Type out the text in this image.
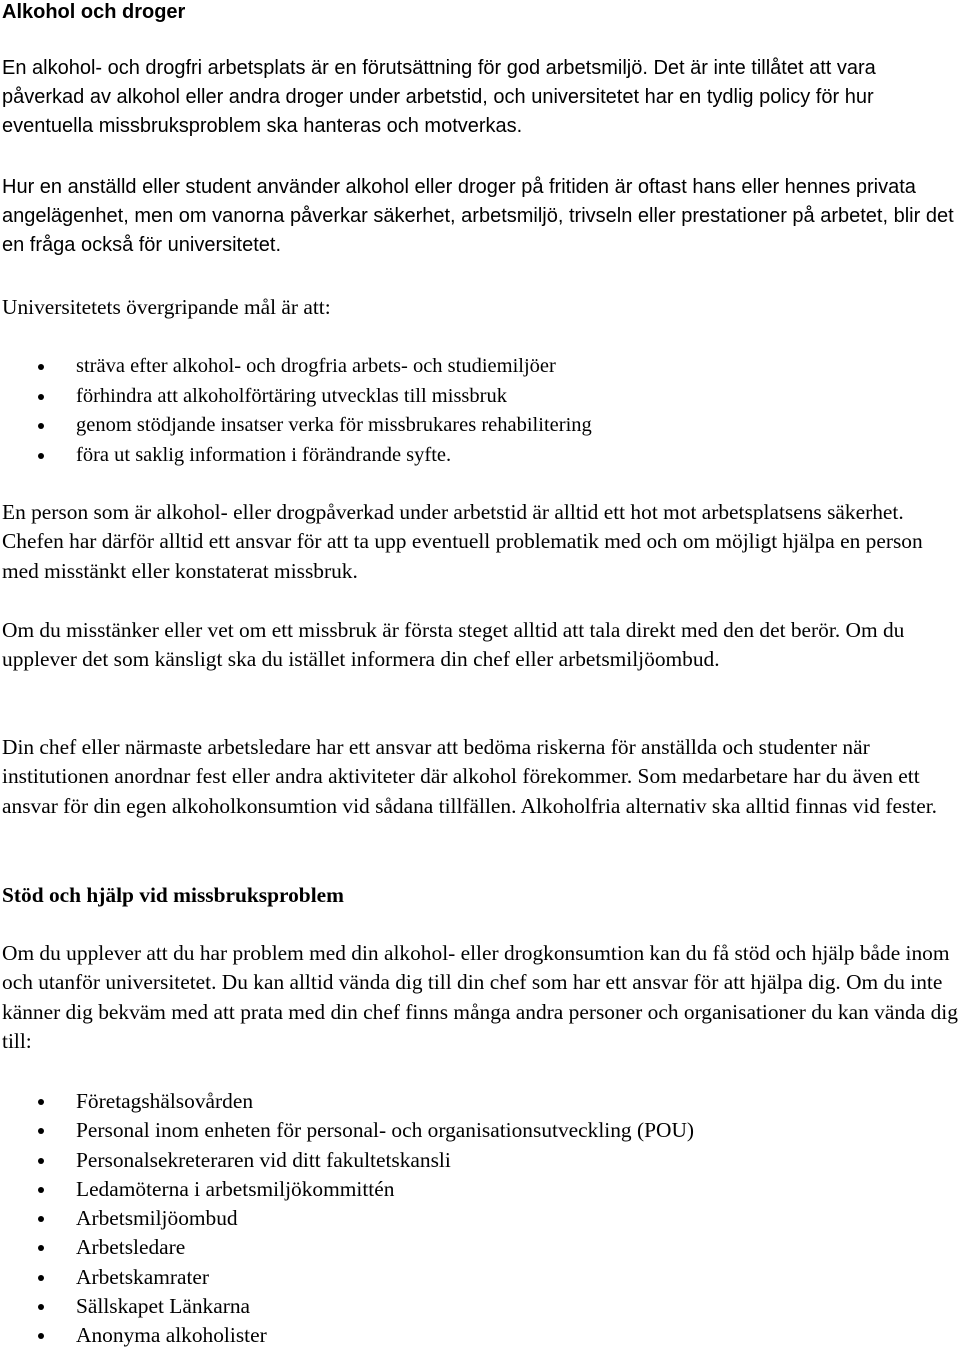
Alkohol och droger

En alkohol- och drogfri arbetsplats är en förutsättning för god arbetsmiljö. Det är inte tillåtet att vara påverkad av alkohol eller andra droger under arbetstid, och universitetet har en tydlig policy för hur eventuella missbruksproblem ska hanteras och motverkas.

Hur en anställd eller student använder alkohol eller droger på fritiden är oftast hans eller hennes privata angelägenhet, men om vanorna påverkar säkerhet, arbetsmiljö, trivseln eller prestationer på arbetet, blir det en fråga också för universitetet.

Universitetets övergripande mål är att:

sträva efter alkohol- och drogfria arbets- och studiemiljöer
förhindra att alkoholförtäring utvecklas till missbruk
genom stödjande insatser verka för missbrukares rehabilitering
föra ut saklig information i förändrande syfte.

En person som är alkohol- eller drogpåverkad under arbetstid är alltid ett hot mot arbetsplatsens säkerhet. Chefen har därför alltid ett ansvar för att ta upp eventuell problematik med och om möjligt hjälpa en person med misstänkt eller konstaterat missbruk.

Om du misstänker eller vet om ett missbruk är första steget alltid att tala direkt med den det berör. Om du upplever det som känsligt ska du istället informera din chef eller arbetsmiljöombud.

Din chef eller närmaste arbetsledare har ett ansvar att bedöma riskerna för anställda och studenter när institutionen anordnar fest eller andra aktiviteter där alkohol förekommer. Som medarbetare har du även ett ansvar för din egen alkoholkonsumtion vid sådana tillfällen. Alkoholfria alternativ ska alltid finnas vid fester.

Stöd och hjälp vid missbruksproblem

Om du upplever att du har problem med din alkohol- eller drogkonsumtion kan du få stöd och hjälp både inom och utanför universitetet. Du kan alltid vända dig till din chef som har ett ansvar för att hjälpa dig. Om du inte känner dig bekväm med att prata med din chef finns många andra personer och organisationer du kan vända dig till:

Företagshälsovården
Personal inom enheten för personal- och organisationsutveckling (POU)
Personalsekreteraren vid ditt fakultetskansli
Ledamöterna i arbetsmiljökommittén
Arbetsmiljöombud
Arbetsledare
Arbetskamrater
Sällskapet Länkarna
Anonyma alkoholister
